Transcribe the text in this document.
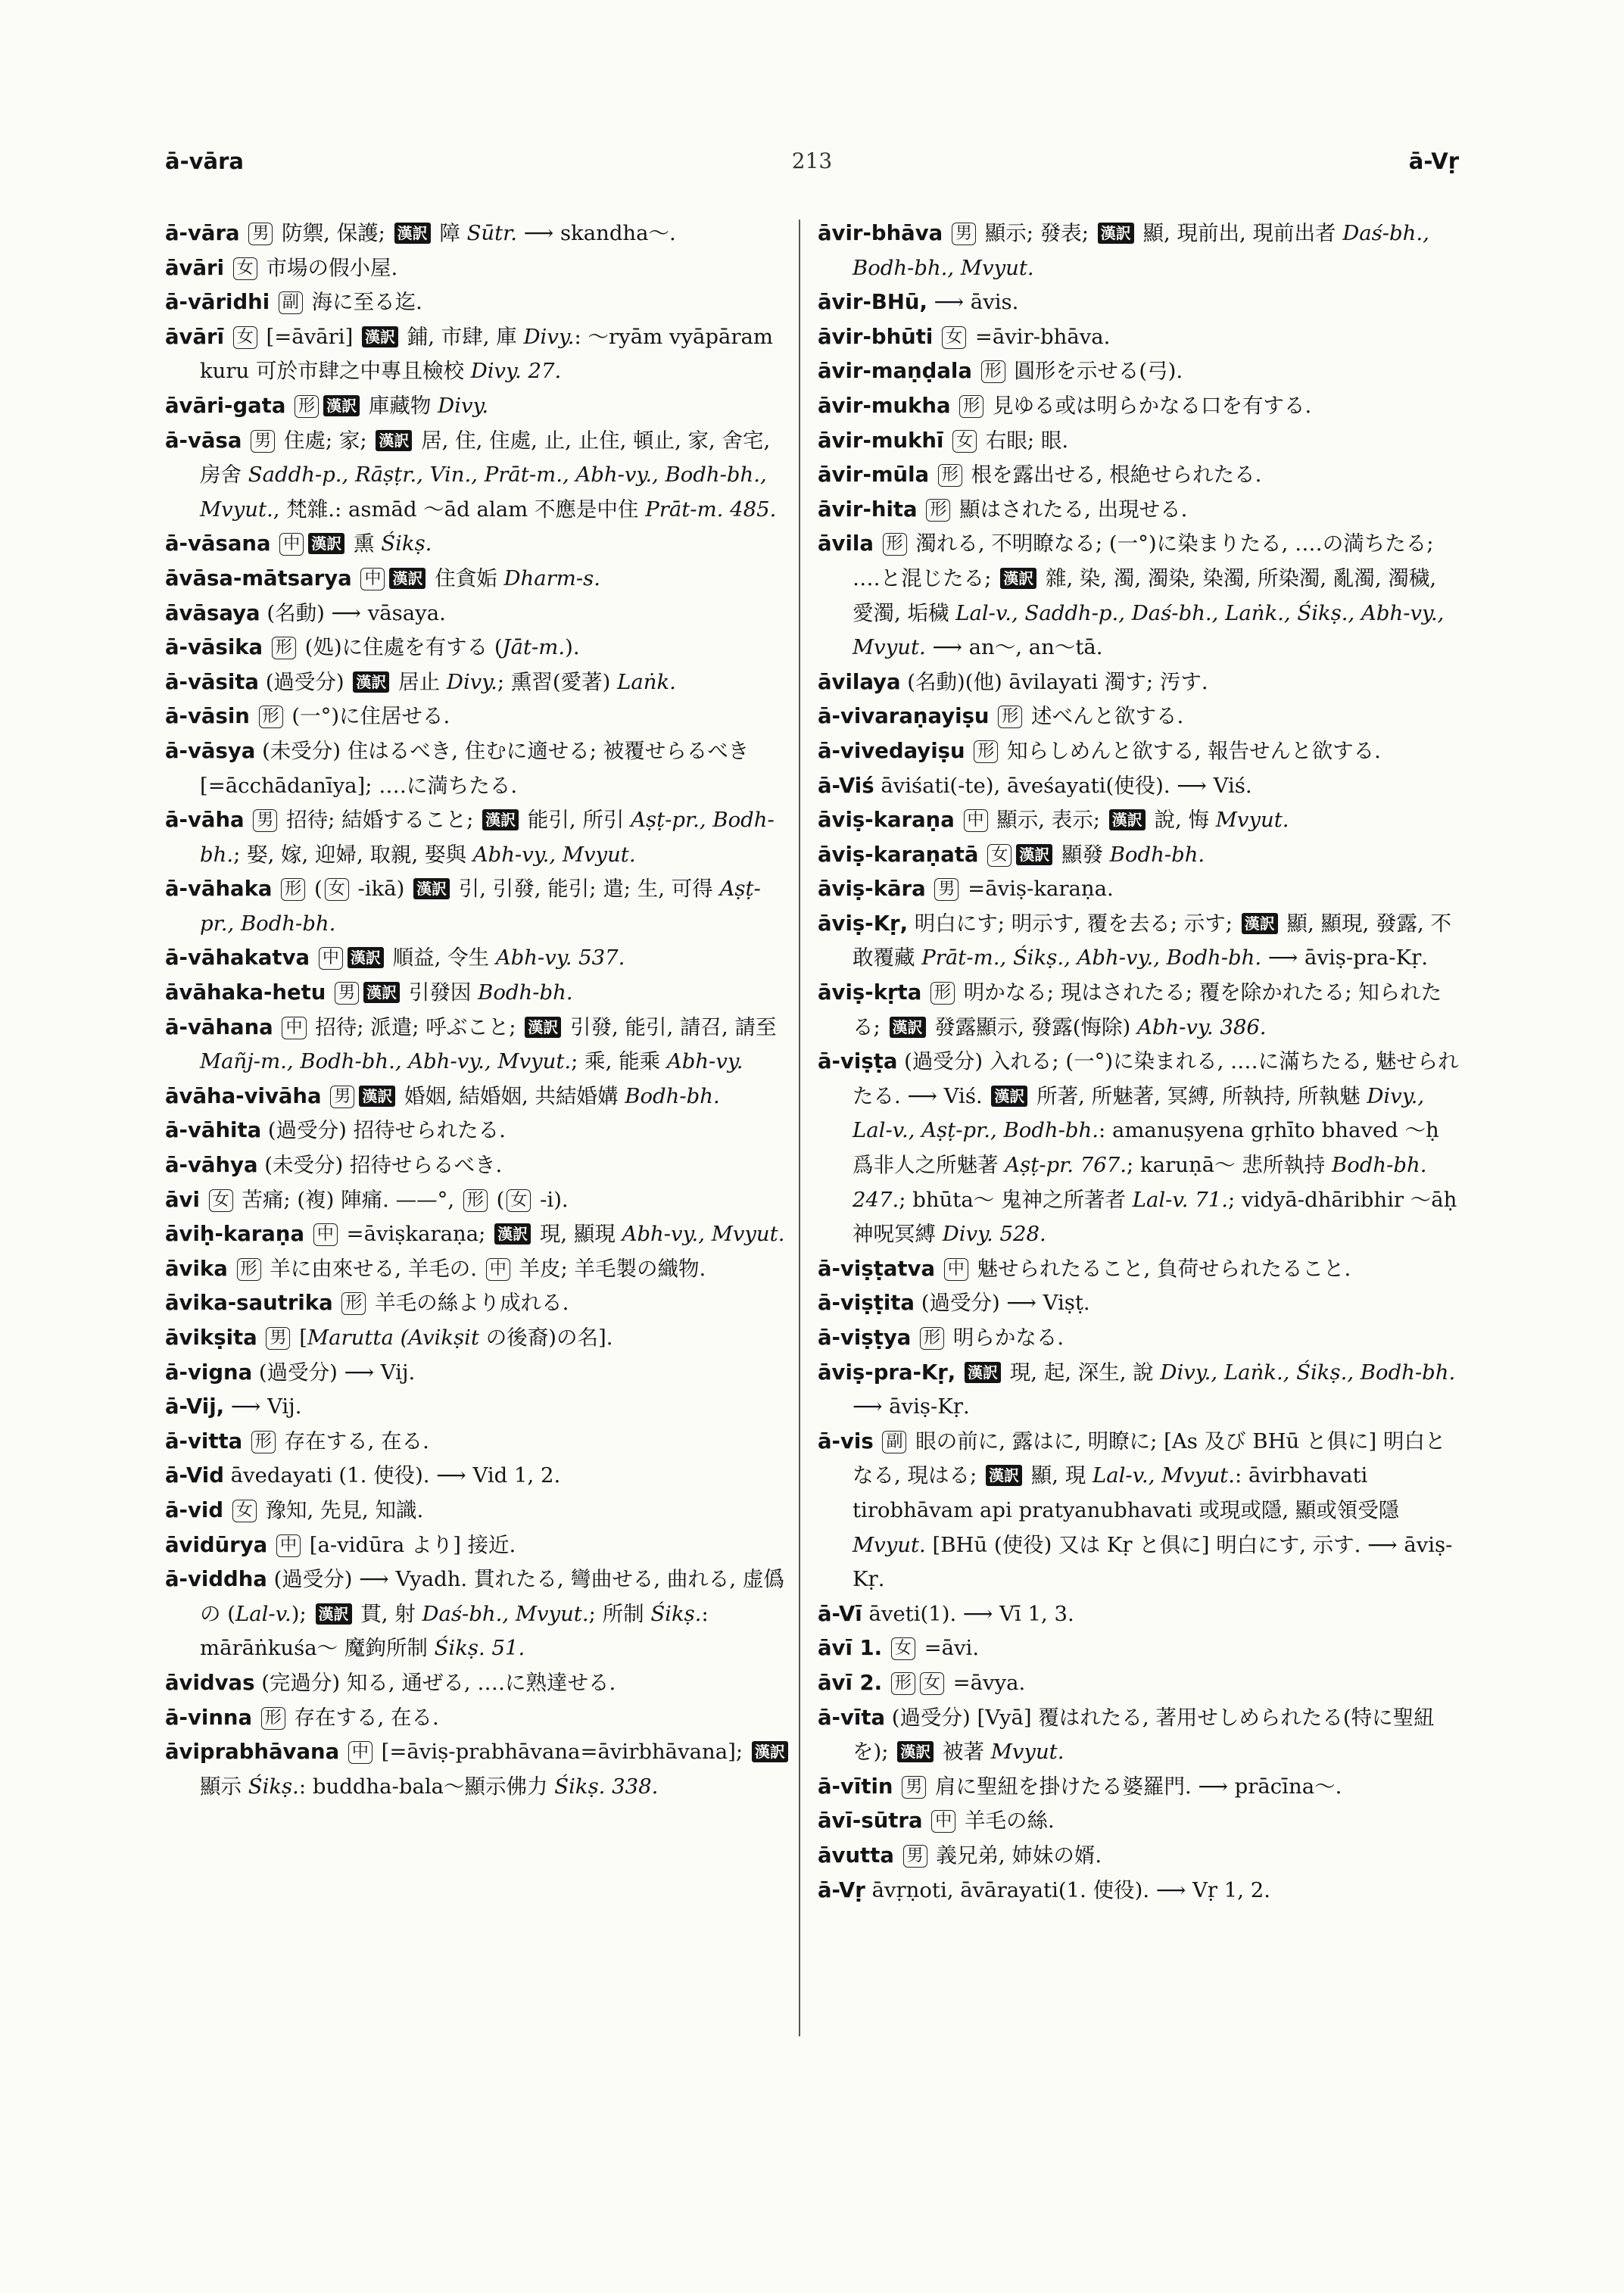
ā-vāra	213	ā-Vṛ

ā-vāra 男 防禦, 保護; 漢訳 障 Sūtr. ⟶ skandha〜.

āvāri 女 市場の假小屋.

ā-vāridhi 副 海に至る迄.

āvārī 女 [=āvāri] 漢訳 鋪, 市肆, 庫 Divy.: 〜ryām vyāpāram kuru 可於市肆之中專且檢校 Divy. 27.

āvāri-gata 形 漢訳 庫藏物 Divy.

ā-vāsa 男 住處; 家; 漢訳 居, 住, 住處, 止, 止住, 頓止, 家, 舍宅, 房舍 Saddh-p., Rāṣṭr., Vin., Prāt-m., Abh-vy., Bodh-bh., Mvyut., 梵雜.: asmād 〜ād alam 不應是中住 Prāt-m. 485.

ā-vāsana 中 漢訳 熏 Śikṣ.

āvāsa-mātsarya 中 漢訳 住貪姤 Dharm-s.

āvāsaya (名動) ⟶ vāsaya.

ā-vāsika 形 (処)に住處を有する (Jāt-m.).

ā-vāsita (過受分) 漢訳 居止 Divy.; 熏習(愛著) Laṅk.

ā-vāsin 形 (一°)に住居せる.

ā-vāsya (未受分) 住はるべき, 住むに適せる; 被覆せらるべき [=ācchādanīya]; ‥‥に満ちたる.

ā-vāha 男 招待; 結婚すること; 漢訳 能引, 所引 Aṣṭ-pr., Bodh-bh.; 娶, 嫁, 迎婦, 取親, 娶與 Abh-vy., Mvyut.

ā-vāhaka 形 ( 女 -ikā) 漢訳 引, 引發, 能引; 遣; 生, 可得 Aṣṭ-pr., Bodh-bh.

ā-vāhakatva 中 漢訳 順益, 令生 Abh-vy. 537.

āvāhaka-hetu 男 漢訳 引發因 Bodh-bh.

ā-vāhana 中 招待; 派遣; 呼ぶこと; 漢訳 引發, 能引, 請召, 請至 Mañj-m., Bodh-bh., Abh-vy., Mvyut.; 乘, 能乘 Abh-vy.

āvāha-vivāha 男 漢訳 婚姻, 結婚姻, 共結婚媾 Bodh-bh.

ā-vāhita (過受分) 招待せられたる.

ā-vāhya (未受分) 招待せらるべき.

āvi 女 苦痛; (複) 陣痛. ——°, 形 ( 女 -i).

āviḥ-karaṇa 中 =āviṣkaraṇa; 漢訳 現, 顯現 Abh-vy., Mvyut.

āvika 形 羊に由來せる, 羊毛の. 中 羊皮; 羊毛製の織物.

āvika-sautrika 形 羊毛の絲より成れる.

āvikṣita 男 [Marutta (Avikṣit の後裔)の名].

ā-vigna (過受分) ⟶ Vij.

ā-Vij, ⟶ Vij.

ā-vitta 形 存在する, 在る.

ā-Vid āvedayati (1. 使役). ⟶ Vid 1, 2.

ā-vid 女 豫知, 先見, 知識.

āvidūrya 中 [a-vidūra より] 接近.

ā-viddha (過受分) ⟶ Vyadh. 貫れたる, 彎曲せる, 曲れる, 虚僞の (Lal-v.); 漢訳 貫, 射 Daś-bh., Mvyut.; 所制 Śikṣ.: mārāṅkuśa〜 魔鉤所制 Śikṣ. 51.

āvidvas (完過分) 知る, 通ぜる, ‥‥に熟達せる.

ā-vinna 形 存在する, 在る.

āviprabhāvana 中 [=āviṣ-prabhāvana=āvirbhāvana]; 漢訳 顯示 Śikṣ.: buddha-bala〜顯示佛力 Śikṣ. 338.

āvir-bhāva 男 顯示; 發表; 漢訳 顯, 現前出, 現前出者 Daś-bh., Bodh-bh., Mvyut.

āvir-BHū, ⟶ āvis.

āvir-bhūti 女 =āvir-bhāva.

āvir-maṇḍala 形 圓形を示せる(弓).

āvir-mukha 形 見ゆる或は明らかなる口を有する.

āvir-mukhī 女 右眼; 眼.

āvir-mūla 形 根を露出せる, 根絶せられたる.

āvir-hita 形 顯はされたる, 出現せる.

āvila 形 濁れる, 不明瞭なる; (一°)に染まりたる, ‥‥の満ちたる; ‥‥と混じたる; 漢訳 雜, 染, 濁, 濁染, 染濁, 所染濁, 亂濁, 濁穢, 愛濁, 垢穢 Lal-v., Saddh-p., Daś-bh., Laṅk., Śikṣ., Abh-vy., Mvyut. ⟶ an〜, an〜tā.

āvilaya (名動)(他) āvilayati 濁す; 汚す.

ā-vivaraṇayiṣu 形 述べんと欲する.

ā-vivedayiṣu 形 知らしめんと欲する, 報告せんと欲する.

ā-Viś āviśati(-te), āveśayati(使役). ⟶ Viś.

āviṣ-karaṇa 中 顯示, 表示; 漢訳 說, 悔 Mvyut.

āviṣ-karaṇatā 女 漢訳 顯發 Bodh-bh.

āviṣ-kāra 男 =āviṣ-karaṇa.

āviṣ-Kṛ, 明白にす; 明示す, 覆を去る; 示す; 漢訳 顯, 顯現, 發露, 不敢覆藏 Prāt-m., Śikṣ., Abh-vy., Bodh-bh. ⟶ āviṣ-pra-Kṛ.

āviṣ-kṛta 形 明かなる; 現はされたる; 覆を除かれたる; 知られたる; 漢訳 發露顯示, 發露(悔除) Abh-vy. 386.

ā-viṣṭa (過受分) 入れる; (一°)に染まれる, ‥‥に滿ちたる, 魅せられたる. ⟶ Viś. 漢訳 所著, 所魅著, 冥縛, 所執持, 所執魅 Divy., Lal-v., Aṣṭ-pr., Bodh-bh.: amanuṣyena gṛhīto bhaved 〜ḥ 爲非人之所魅著 Aṣṭ-pr. 767.; karuṇā〜 悲所執持 Bodh-bh. 247.; bhūta〜 鬼神之所著者 Lal-v. 71.; vidyā-dhāribhir 〜āḥ 神呪冥縛 Divy. 528.

ā-viṣṭatva 中 魅せられたること, 負荷せられたること.

ā-viṣṭita (過受分) ⟶ Viṣṭ.

ā-viṣṭya 形 明らかなる.

āviṣ-pra-Kṛ, 漢訳 現, 起, 深生, 說 Divy., Laṅk., Śikṣ., Bodh-bh. ⟶ āviṣ-Kṛ.

ā-vis 副 眼の前に, 露はに, 明瞭に; [As 及び BHū と俱に] 明白となる, 現はる; 漢訳 顯, 現 Lal-v., Mvyut.: āvirbhavati tirobhāvam api pratyanubhavati 或現或隱, 顯或領受隱 Mvyut. [BHū (使役) 又は Kṛ と俱に] 明白にす, 示す. ⟶ āviṣ-Kṛ.

ā-Vī āveti(1). ⟶ Vī 1, 3.

āvī 1. 女 =āvi.

āvī 2. 形 女 =āvya.

ā-vīta (過受分) [Vyā] 覆はれたる, 著用せしめられたる(特に聖紐を); 漢訳 被著 Mvyut.

ā-vītin 男 肩に聖紐を掛けたる婆羅門. ⟶ prācīna〜.

āvī-sūtra 中 羊毛の絲.

āvutta 男 義兄弟, 姉妹の婿.

ā-Vṛ āvṛṇoti, āvārayati(1. 使役). ⟶ Vṛ 1, 2.
